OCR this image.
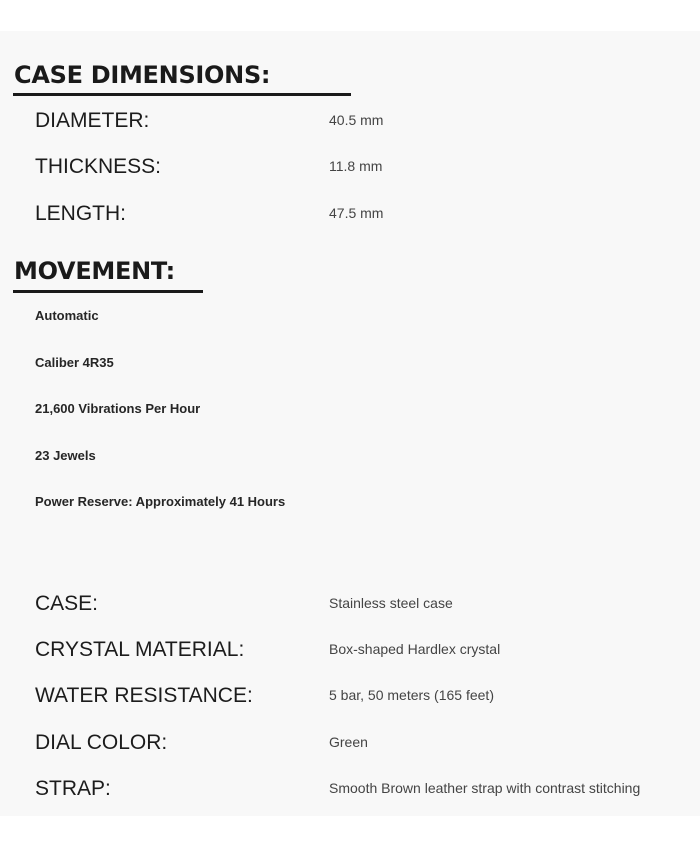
CASE DIMENSIONS:
DIAMETER:	40.5 mm
THICKNESS:	11.8 mm
LENGTH:	47.5 mm
MOVEMENT:
Automatic
Caliber 4R35
21,600 Vibrations Per Hour
23 Jewels
Power Reserve: Approximately 41 Hours
CASE:	Stainless steel case
CRYSTAL MATERIAL:	Box-shaped Hardlex crystal
WATER RESISTANCE:	5 bar, 50 meters (165 feet)
DIAL COLOR:	Green
STRAP:	Smooth Brown leather strap with contrast stitching
